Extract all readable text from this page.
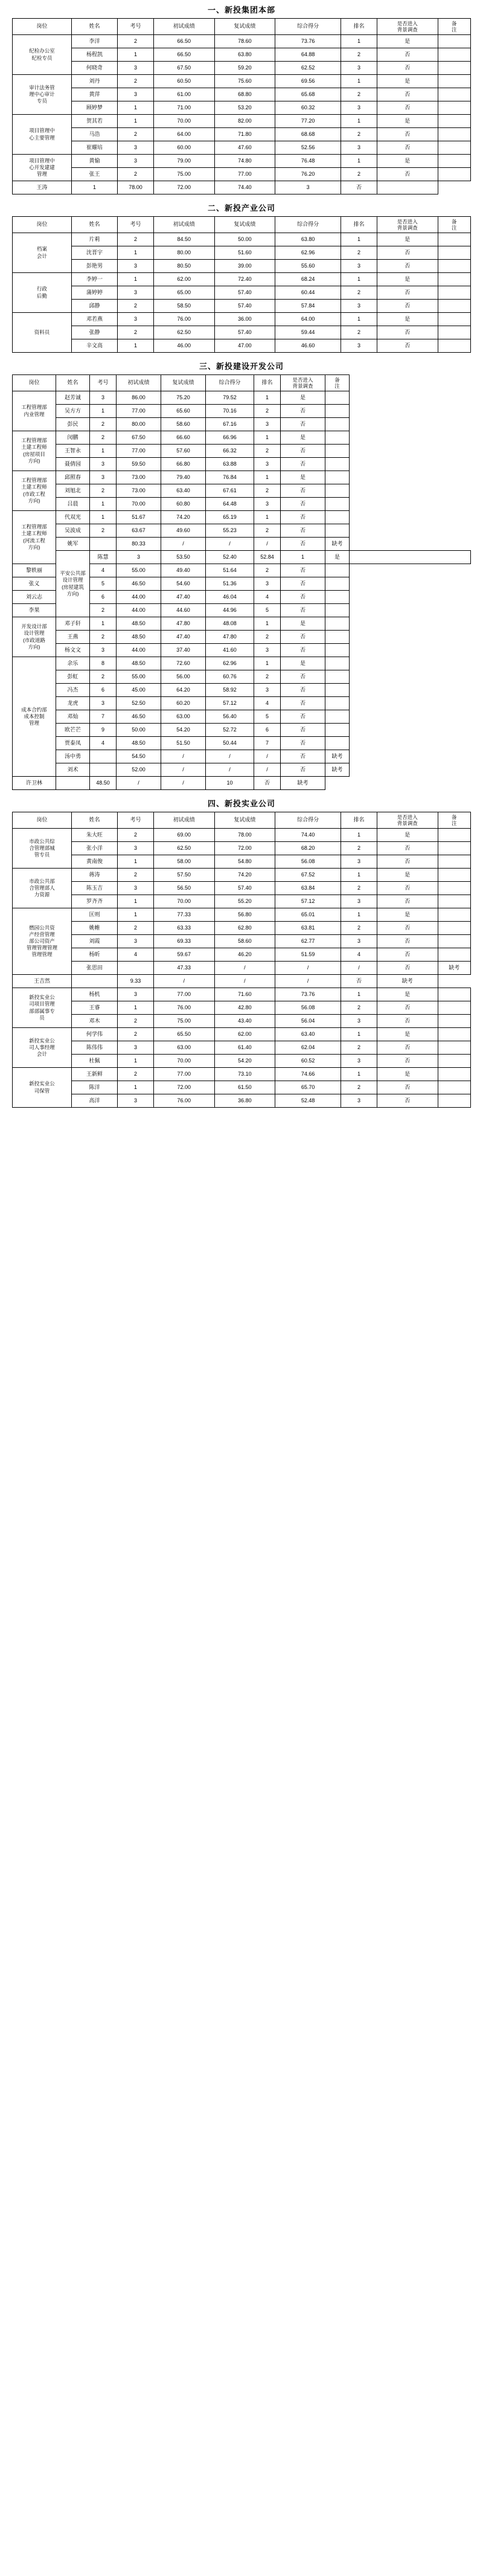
一、新投集团本部
岗位	姓名	考号	初试成绩	复试成绩	综合得分	排名	是否进入
背景调查	备
注
纪检办公室
纪检专员	李洋	2	66.50	78.60	73.76	1	是	
	杨程凯	1	66.50	63.80	64.88	2	否	
	何晓奇	3	67.50	59.20	62.52	3	否	
审计法务管
理中心审计
专员	刘丹	2	60.50	75.60	69.56	1	是	
	黄萍	3	61.00	68.80	65.68	2	否	
	顾婷梦	1	71.00	53.20	60.32	3	否	
项目管理中
心主要管理	贺其若	1	70.00	82.00	77.20	1	是	
	马浩	2	64.00	71.80	68.68	2	否	
	崔耀培	3	60.00	47.60	52.56	3	否	
项目管理中
心开发建建
管理	黄愉	3	79.00	74.80	76.48	1	是	
	张王	2	75.00	77.00	76.20	2	否	
王涛	1	78.00	72.00	74.40	3	否		
二、新投产业公司
岗位	姓名	考号	初试成绩	复试成绩	综合得分	排名	是否进入
背景调查	备
注
档案
会计	片莉	2	84.50	50.00	63.80	1	是	
	沈晋宇	1	80.00	51.60	62.96	2	否	
	彭艳男	3	80.50	39.00	55.60	3	否	
行政
后勤	李婷一	1	62.00	72.40	68.24	1	是	
	蒲婷婷	3	65.00	57.40	60.44	2	否	
	邱静	2	58.50	57.40	57.84	3	否	
资料员	邓若燕	3	76.00	36.00	64.00	1	是	
	张静	2	62.50	57.40	59.44	2	否	
	辛文高	1	46.00	47.00	46.60	3	否	
三、新投建设开发公司
岗位	姓名	考号	初试成绩	复试成绩	综合得分	排名	是否进入
背景调查	备
注	
工程管理部
内业管理	赵芳诚	3	86.00	75.20	79.52	1	是		
	吴方方	1	77.00	65.60	70.16	2	否		
	彭民	2	80.00	58.60	67.16	3	否		
工程管理部
土建工程师
(房屋项目
方向)	闵鹏	2	67.50	66.60	66.96	1	是		
	王智永	1	77.00	57.60	66.32	2	否		
	聂倩园	3	59.50	66.80	63.88	3	否		
工程管理部
土建工程师
(市政工程
方向)	邱照春	3	73.00	79.40	76.84	1	是		
	刘旭北	2	73.00	63.40	67.61	2	否		
	吕晨	1	70.00	60.80	64.48	3	否		
工程管理部
土建工程师
(河流工程
方向)	代双光	1	51.67	74.20	65.19	1	否		
	吴波成	2	63.67	49.60	55.23	2	否		
	姚军		80.33	/	/	/	否	缺考	
	平安公共部
设计管理
(房屋建筑
方向)	陈慧	3	53.50	52.40	52.84	1	是	
黎轶丽		4	55.00	49.40	51.64	2	否		
张义		5	46.50	54.60	51.36	3	否		
刘云志		6	44.00	47.40	46.04	4	否		
李果		2	44.00	44.60	44.96	5	否		
开发设计部
设计管理
(市政道路
方向)	邓子轩	1	48.50	47.80	48.08	1	是		
	王燕	2	48.50	47.40	47.80	2	否		
	杨文文	3	44.00	37.40	41.60	3	否		
成本合约部
成本控制
管理	余乐	8	48.50	72.60	62.96	1	是		
	彭虹	2	55.00	56.00	60.76	2	否		
	冯杰	6	45.00	64.20	58.92	3	否		
	龙虎	3	52.50	60.20	57.12	4	否		
	邓灿	7	46.50	63.00	56.40	5	否		
	欧芒芒	9	50.00	54.20	52.72	6	否		
	贾泰凤	4	48.50	51.50	50.44	7	否		
	汤中勇		54.50	/	/	/	否	缺考	
	刘术		52.00	/	/	/	否	缺考	
许卫林		48.50	/	/	10	否	缺考		
四、新投实业公司
岗位	姓名	考号	初试成绩	复试成绩	综合得分	排名	是否进入
背景调查	备
注
市政公共综
合管理部城
管专员	朱大旺	2	69.00	78.00	74.40	1	是	
	张小洋	3	62.50	72.00	68.20	2	否	
	黄南俊	1	58.00	54.80	56.08	3	否	
市政公共部
合管理部人
力资源	蒋涛	2	57.50	74.20	67.52	1	是	
	陈玉吉	3	56.50	57.40	63.84	2	否	
	罗齐齐	1	70.00	55.20	57.12	3	否	
燃园公共资
产经营管理
部公司资产
管理管理管理
管理管理	匡则	1	77.33	56.80	65.01	1	是	
	姚帷	2	63.33	62.80	63.81	2	否	
	刘霞	3	69.33	58.60	62.77	3	否	
	杨昕	4	59.67	46.20	51.59	4	否	
	张思田		47.33	/	/	/	否	缺考
王吉然		9.33	/	/	/	否	缺考	
新投实业公
司项目管理
部部属事专
员	杨机	3	77.00	71.60	73.76	1	是	
	王睿	1	76.00	42.80	56.08	2	否	
	邓木	2	75.00	43.40	56.04	3	否	
新投实业公
司人事经理
会计	何学伟	2	65.50	62.00	63.40	1	是	
	陈伟伟	3	63.00	61.40	62.04	2	否	
	杜佩	1	70.00	54.20	60.52	3	否	
新投实业公
司保管	王新鲜	2	77.00	73.10	74.66	1	是	
	陈洋	1	72.00	61.50	65.70	2	否	
	高洋	3	76.00	36.80	52.48	3	否	
